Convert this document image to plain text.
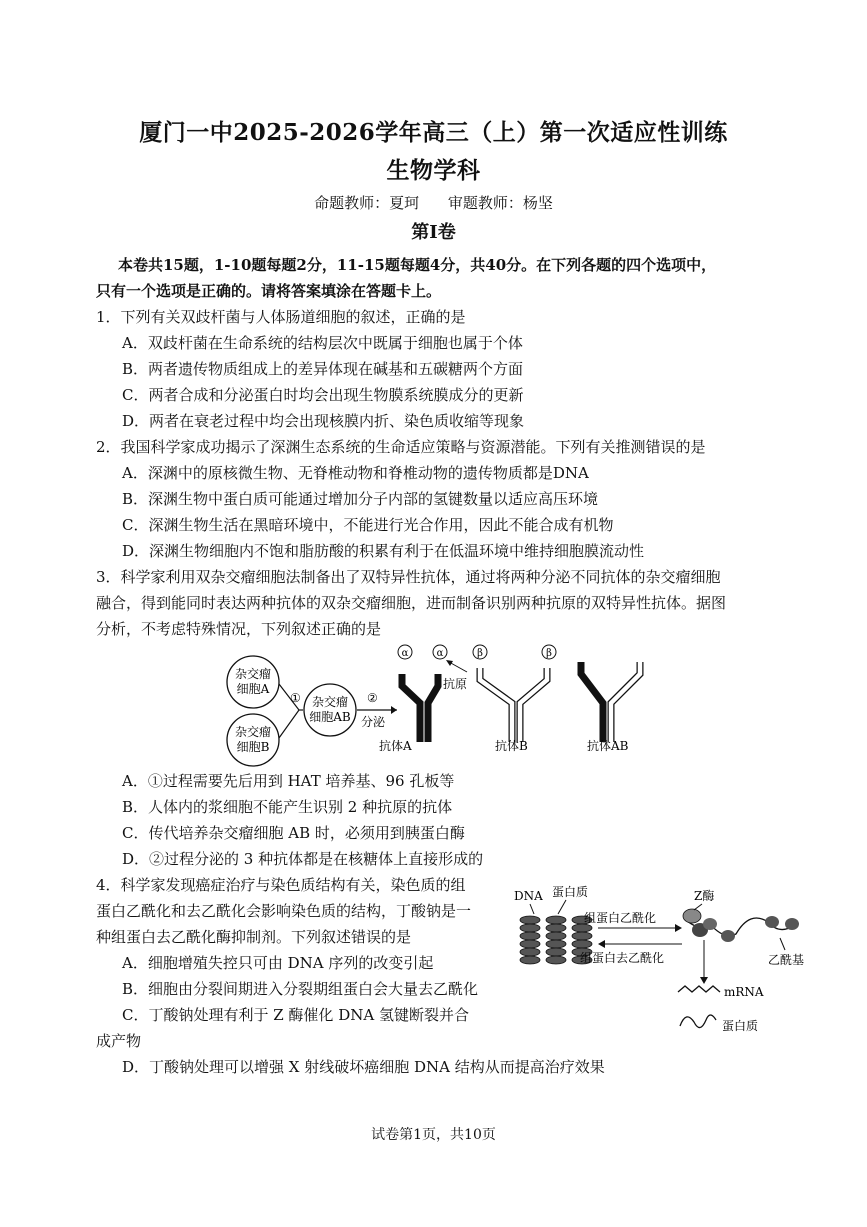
厦门一中2025-2026学年高三（上）第一次适应性训练
生物学科
命题教师：夏珂 审题教师：杨坚
第Ⅰ卷
本卷共15题，1-10题每题2分，11-15题每题4分，共40分。在下列各题的四个选项中，
只有一个选项是正确的。请将答案填涂在答题卡上。
1．下列有关双歧杆菌与人体肠道细胞的叙述，正确的是
A．双歧杆菌在生命系统的结构层次中既属于细胞也属于个体
B．两者遗传物质组成上的差异体现在碱基和五碳糖两个方面
C．两者合成和分泌蛋白时均会出现生物膜系统膜成分的更新
D．两者在衰老过程中均会出现核膜内折、染色质收缩等现象
2．我国科学家成功揭示了深渊生态系统的生命适应策略与资源潜能。下列有关推测错误的是
A．深渊中的原核微生物、无脊椎动物和脊椎动物的遗传物质都是DNA
B．深渊生物中蛋白质可能通过增加分子内部的氢键数量以适应高压环境
C．深渊生物生活在黑暗环境中，不能进行光合作用，因此不能合成有机物
D．深渊生物细胞内不饱和脂肪酸的积累有利于在低温环境中维持细胞膜流动性
3．科学家利用双杂交瘤细胞法制备出了双特异性抗体，通过将两种分泌不同抗体的杂交瘤细胞
融合，得到能同时表达两种抗体的双杂交瘤细胞，进而制备识别两种抗原的双特异性抗体。据图
分析，不考虑特殊情况，下列叙述正确的是
杂交瘤
细胞A
杂交瘤
细胞B
① 杂交瘤
细胞AB
②
分泌
α	α
抗体A
抗原
β	β
抗体B	抗体AB
A．①过程需要先后用到 HAT 培养基、96 孔板等
B．人体内的浆细胞不能产生识别 2 种抗原的抗体
C．传代培养杂交瘤细胞 AB 时，必须用到胰蛋白酶
D．②过程分泌的 3 种抗体都是在核糖体上直接形成的
4．科学家发现癌症治疗与染色质结构有关，染色质的组
蛋白乙酰化和去乙酰化会影响染色质的结构，丁酸钠是一
种组蛋白去乙酰化酶抑制剂。下列叙述错误的是
A．细胞增殖失控只可由 DNA 序列的改变引起
B．细胞由分裂间期进入分裂期组蛋白会大量去乙酰化
C．丁酸钠处理有利于 Z 酶催化 DNA 氢键断裂并合
成产物
D．丁酸钠处理可以增强 X 射线破坏癌细胞 DNA 结构从而提高治疗效果
DNA 蛋白质
组蛋白乙酰化
组蛋白去乙酰化
Z酶
乙酰基
mRNA
蛋白质
试卷第1页，共10页
